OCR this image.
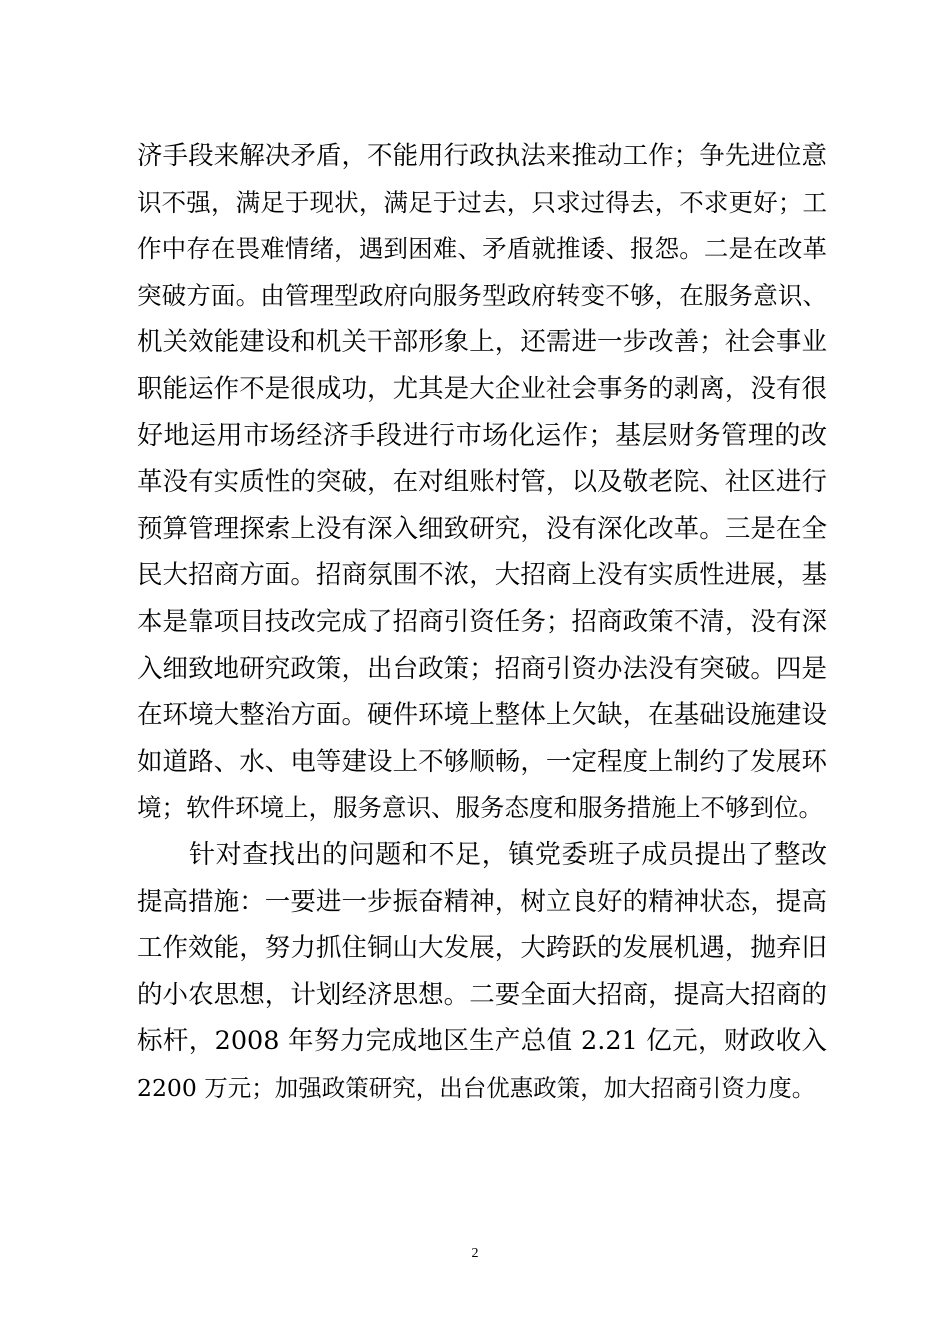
济手段来解决矛盾，不能用行政执法来推动工作；争先进位意
识不强，满足于现状，满足于过去，只求过得去，不求更好；工
作中存在畏难情绪，遇到困难、矛盾就推诿、报怨。二是在改革
突破方面。由管理型政府向服务型政府转变不够，在服务意识、
机关效能建设和机关干部形象上，还需进一步改善；社会事业
职能运作不是很成功，尤其是大企业社会事务的剥离，没有很
好地运用市场经济手段进行市场化运作；基层财务管理的改
革没有实质性的突破，在对组账村管，以及敬老院、社区进行
预算管理探索上没有深入细致研究，没有深化改革。三是在全
民大招商方面。招商氛围不浓，大招商上没有实质性进展，基
本是靠项目技改完成了招商引资任务；招商政策不清，没有深
入细致地研究政策，出台政策；招商引资办法没有突破。四是
在环境大整治方面。硬件环境上整体上欠缺，在基础设施建设
如道路、水、电等建设上不够顺畅，一定程度上制约了发展环
境；软件环境上，服务意识、服务态度和服务措施上不够到位。
针对查找出的问题和不足，镇党委班子成员提出了整改
提高措施：一要进一步振奋精神，树立良好的精神状态，提高
工作效能，努力抓住铜山大发展，大跨跃的发展机遇，抛弃旧
的小农思想，计划经济思想。二要全面大招商，提高大招商的
标杆，2008 年努力完成地区生产总值 2.21 亿元，财政收入
2200 万元；加强政策研究，出台优惠政策，加大招商引资力度。
2
